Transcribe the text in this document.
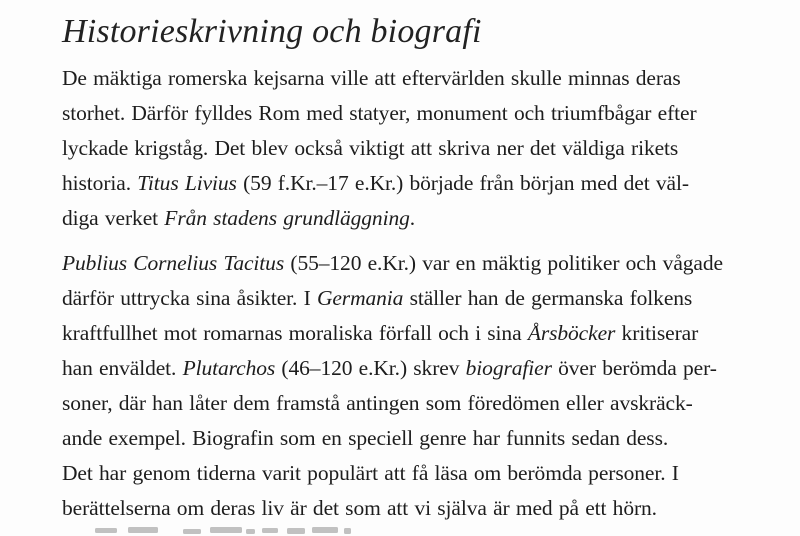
Historieskrivning och biografi
De mäktiga romerska kejsarna ville att eftervärlden skulle minnas deras
storhet. Därför fylldes Rom med statyer, monument och triumfbågar efter
lyckade krigståg. Det blev också viktigt att skriva ner det väldiga rikets
historia. Titus Livius (59 f.Kr.–17 e.Kr.) började från början med det väl-
diga verket Från stadens grundläggning.
Publius Cornelius Tacitus (55–120 e.Kr.) var en mäktig politiker och vågade
därför uttrycka sina åsikter. I Germania ställer han de germanska folkens
kraftfullhet mot romarnas moraliska förfall och i sina Årsböcker kritiserar
han enväldet. Plutarchos (46–120 e.Kr.) skrev biografier över berömda per-
soner, där han låter dem framstå antingen som föredömen eller avskräck-
ande exempel. Biografin som en speciell genre har funnits sedan dess.
Det har genom tiderna varit populärt att få läsa om berömda personer. I
berättelserna om deras liv är det som att vi själva är med på ett hörn.
